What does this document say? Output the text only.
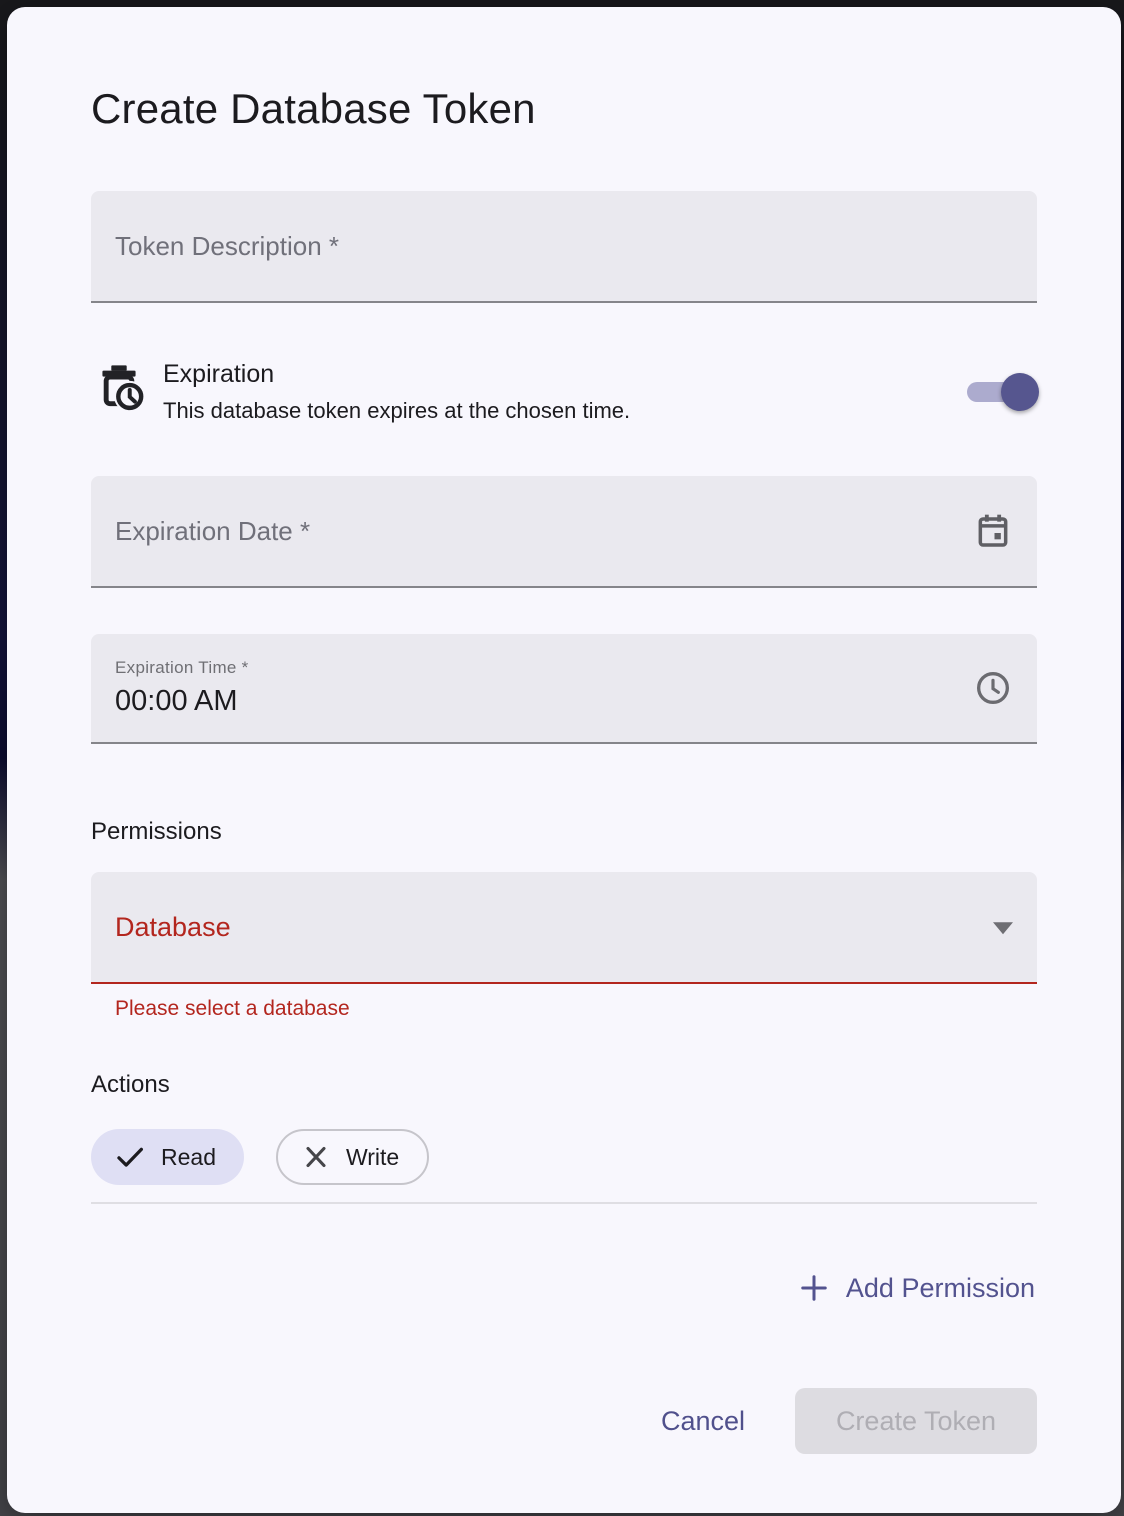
Create Database Token
Token Description *
Expiration
This database token expires at the chosen time.
Expiration Date *
Expiration Time *
00:00 AM
Permissions
Database
Please select a database
Actions
Read	Write
Add Permission
Cancel	Create Token
